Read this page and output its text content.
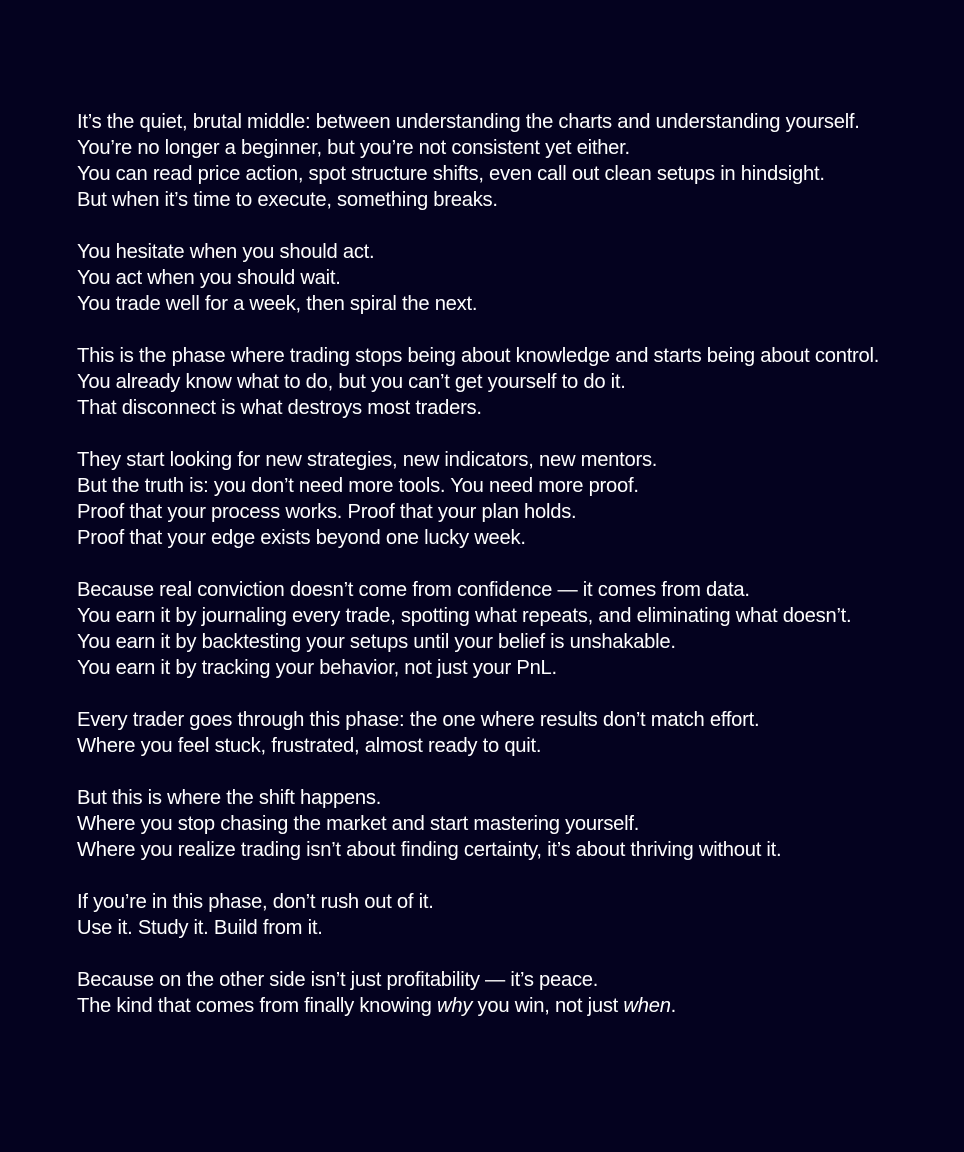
It’s the quiet, brutal middle: between understanding the charts and understanding yourself.
You’re no longer a beginner, but you’re not consistent yet either.
You can read price action, spot structure shifts, even call out clean setups in hindsight.
But when it’s time to execute, something breaks.

You hesitate when you should act.
You act when you should wait.
You trade well for a week, then spiral the next.

This is the phase where trading stops being about knowledge and starts being about control.
You already know what to do, but you can’t get yourself to do it.
That disconnect is what destroys most traders.

They start looking for new strategies, new indicators, new mentors.
But the truth is: you don’t need more tools. You need more proof.
Proof that your process works. Proof that your plan holds.
Proof that your edge exists beyond one lucky week.

Because real conviction doesn’t come from confidence — it comes from data.
You earn it by journaling every trade, spotting what repeats, and eliminating what doesn’t.
You earn it by backtesting your setups until your belief is unshakable.
You earn it by tracking your behavior, not just your PnL.

Every trader goes through this phase: the one where results don’t match effort.
Where you feel stuck, frustrated, almost ready to quit.

But this is where the shift happens.
Where you stop chasing the market and start mastering yourself.
Where you realize trading isn’t about finding certainty, it’s about thriving without it.

If you’re in this phase, don’t rush out of it.
Use it. Study it. Build from it.

Because on the other side isn’t just profitability — it’s peace.
The kind that comes from finally knowing why you win, not just when.
